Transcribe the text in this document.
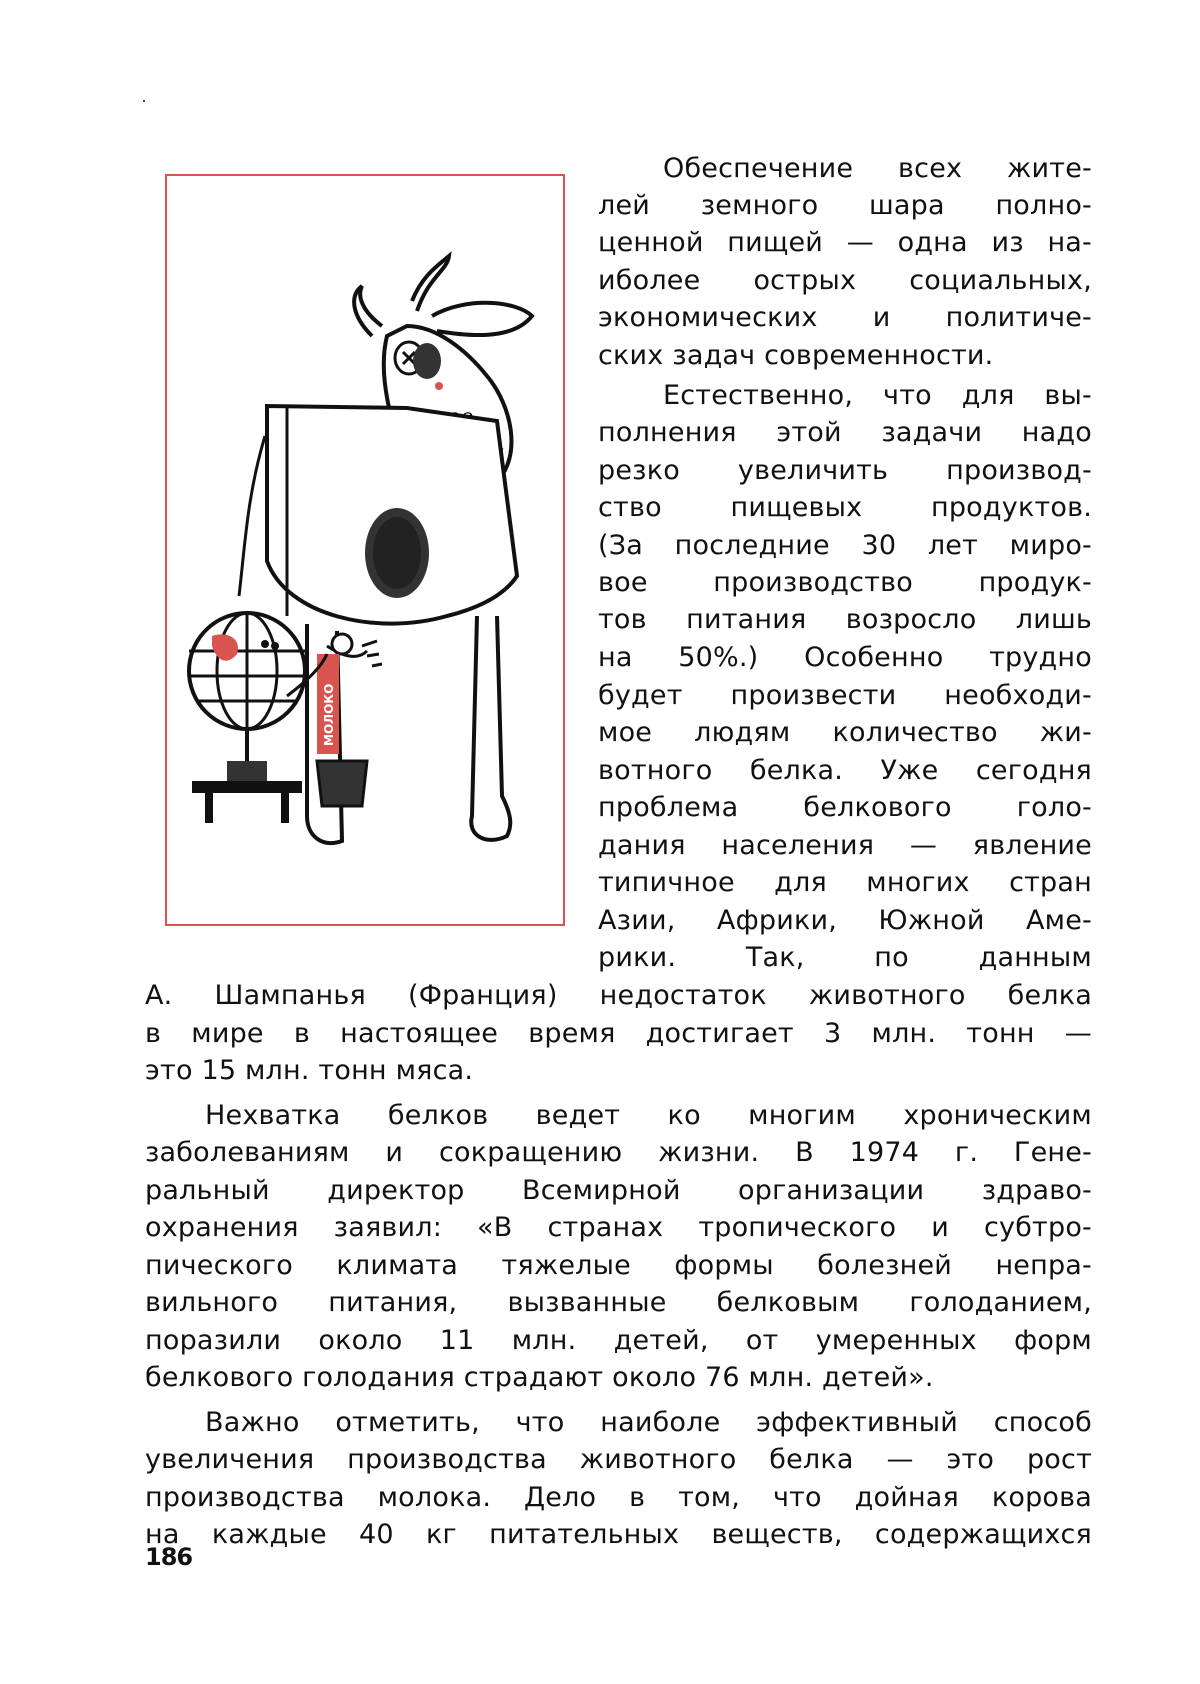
МОЛОКО
Обеспечение всех жите-
лей земного шара полно-
ценной пищей — одна из на-
иболее острых социальных,
экономических и политиче-
ских задач современности.
Естественно, что для вы-
полнения этой задачи надо
резко увеличить производ-
ство пищевых продуктов.
(За последние 30 лет миро-
вое производство продук-
тов питания возросло лишь
на 50%.) Особенно трудно
будет произвести необходи-
мое людям количество жи-
вотного белка. Уже сегодня
проблема белкового голо-
дания населения — явление
типичное для многих стран
Азии, Африки, Южной Аме-
рики. Так, по данным
А. Шампанья (Франция) недостаток животного белка
в мире в настоящее время достигает 3 млн. тонн —
это 15 млн. тонн мяса.
Нехватка белков ведет ко многим хроническим
заболеваниям и сокращению жизни. В 1974 г. Гене-
ральный директор Всемирной организации здраво-
охранения заявил: «В странах тропического и субтро-
пического климата тяжелые формы болезней непра-
вильного питания, вызванные белковым голоданием,
поразили около 11 млн. детей, от умеренных форм
белкового голодания страдают около 76 млн. детей».
Важно отметить, что наиболе эффективный способ
увеличения производства животного белка — это рост
производства молока. Дело в том, что дойная корова
на каждые 40 кг питательных веществ, содержащихся
186
